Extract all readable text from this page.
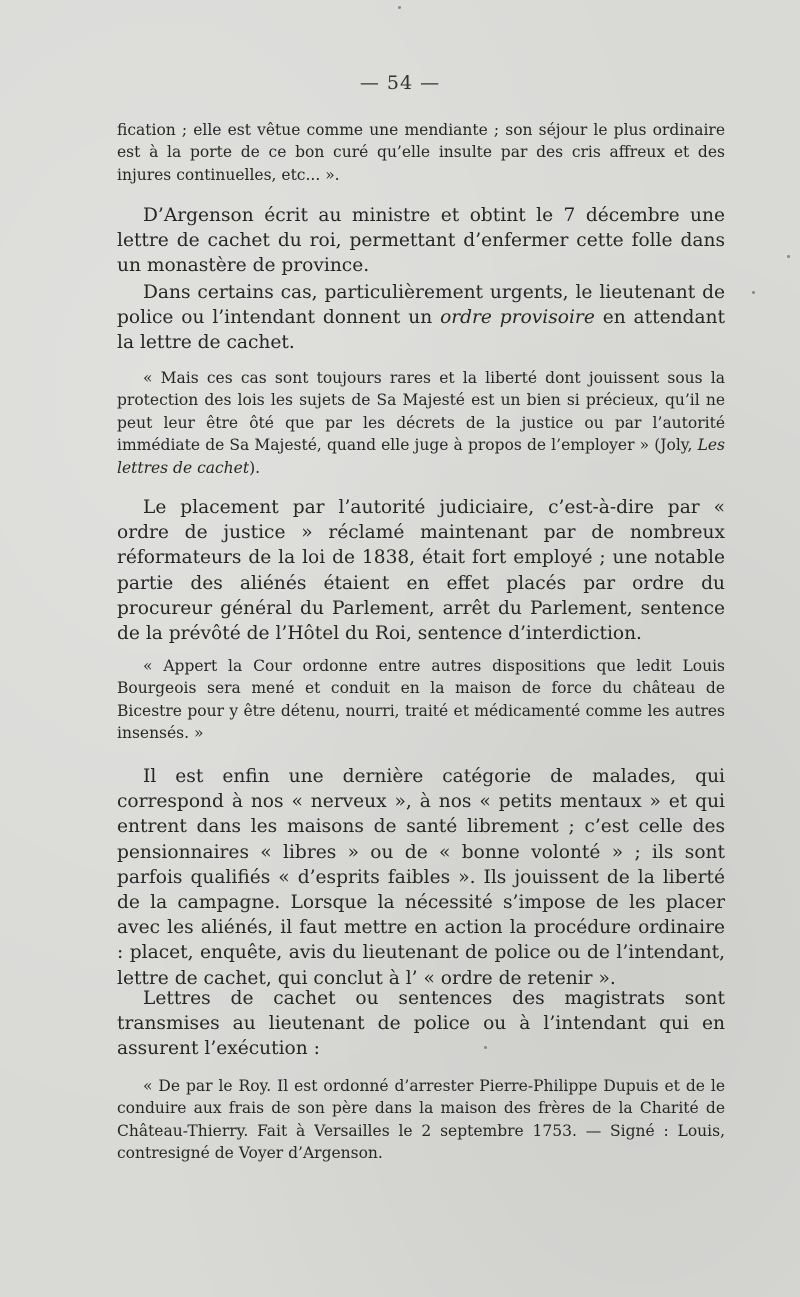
— 54 —

fication ; elle est vêtue comme une mendiante ; son séjour le plus ordinaire est à la porte de ce bon curé qu’elle insulte par des cris affreux et des injures continuelles, etc... ».

D’Argenson écrit au ministre et obtint le 7 décembre une lettre de cachet du roi, permettant d’enfermer cette folle dans un monastère de province.

Dans certains cas, particulièrement urgents, le lieutenant de police ou l’intendant donnent un ordre provisoire en attendant la lettre de cachet.

« Mais ces cas sont toujours rares et la liberté dont jouissent sous la protection des lois les sujets de Sa Majesté est un bien si précieux, qu’il ne peut leur être ôté que par les décrets de la justice ou par l’autorité immédiate de Sa Majesté, quand elle juge à propos de l’employer » (Joly, Les lettres de cachet).

Le placement par l’autorité judiciaire, c’est-à-dire par « ordre de justice » réclamé maintenant par de nombreux réformateurs de la loi de 1838, était fort employé ; une notable partie des aliénés étaient en effet placés par ordre du procureur général du Parlement, arrêt du Parlement, sentence de la prévôté de l’Hôtel du Roi, sentence d’interdiction.

« Appert la Cour ordonne entre autres dispositions que ledit Louis Bourgeois sera mené et conduit en la maison de force du château de Bicestre pour y être détenu, nourri, traité et médicamenté comme les autres insensés. »

Il est enfin une dernière catégorie de malades, qui correspond à nos « nerveux », à nos « petits mentaux » et qui entrent dans les maisons de santé librement ; c’est celle des pensionnaires « libres » ou de « bonne volonté » ; ils sont parfois qualifiés « d’esprits faibles ». Ils jouissent de la liberté de la campagne. Lorsque la nécessité s’impose de les placer avec les aliénés, il faut mettre en action la procédure ordinaire : placet, enquête, avis du lieutenant de police ou de l’intendant, lettre de cachet, qui conclut à l’ « ordre de retenir ».

Lettres de cachet ou sentences des magistrats sont transmises au lieutenant de police ou à l’intendant qui en assurent l’exécution :

« De par le Roy. Il est ordonné d’arrester Pierre-Philippe Dupuis et de le conduire aux frais de son père dans la maison des frères de la Charité de Château-Thierry. Fait à Versailles le 2 septembre 1753. — Signé : Louis, contresigné de Voyer d’Argenson.
